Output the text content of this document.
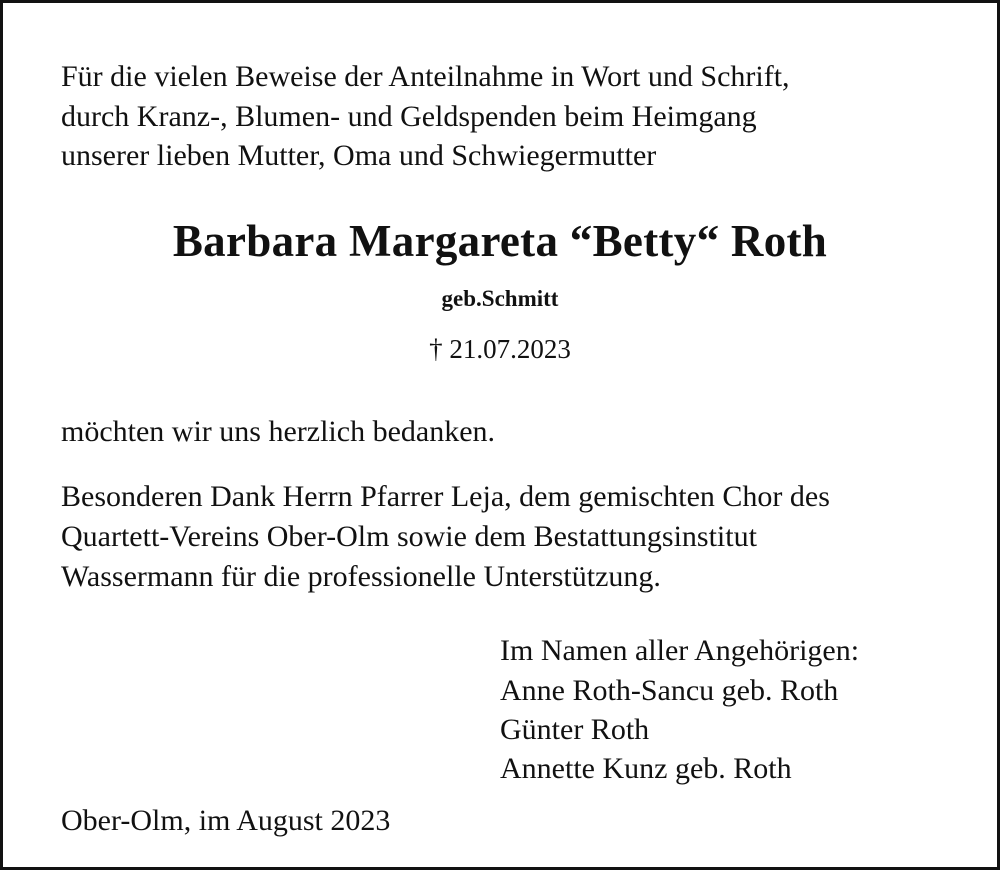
Für die vielen Beweise der Anteilnahme in Wort und Schrift,
durch Kranz-, Blumen- und Geldspenden beim Heimgang
unserer lieben Mutter, Oma und Schwiegermutter
Barbara Margareta “Betty“ Roth
geb.Schmitt
† 21.07.2023
möchten wir uns herzlich bedanken.
Besonderen Dank Herrn Pfarrer Leja, dem gemischten Chor des
Quartett-Vereins Ober-Olm sowie dem Bestattungsinstitut
Wassermann für die professionelle Unterstützung.
Im Namen aller Angehörigen:
Anne Roth-Sancu geb. Roth
Günter Roth
Annette Kunz geb. Roth
Ober-Olm, im August 2023
